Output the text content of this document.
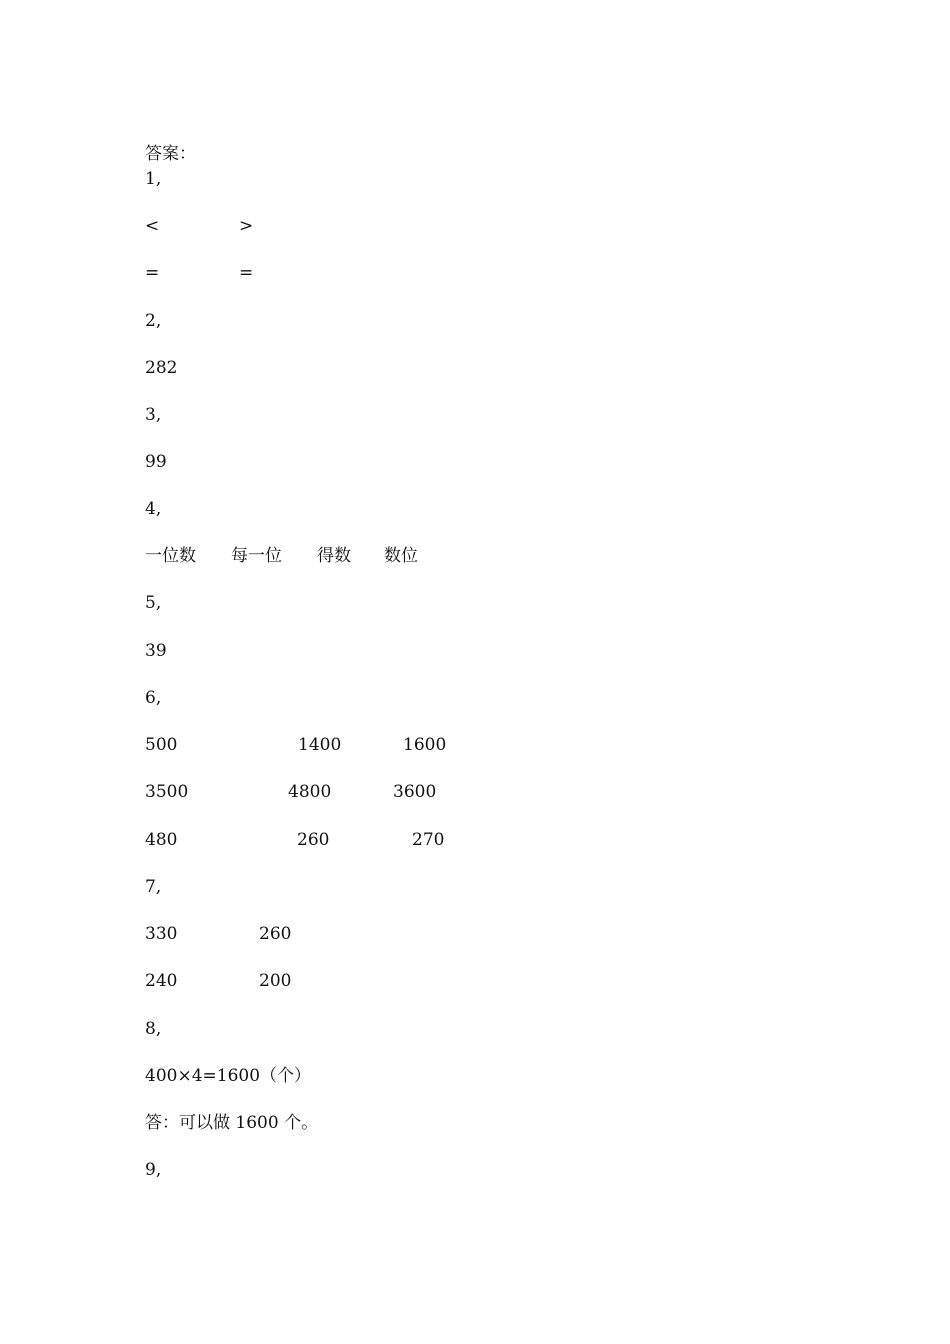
答案：
1,
<	>
=	=
2,
282
3,
99
4,
一位数 每一位 得数 数位
5,
39
6,
500	1400	1600
3500	4800	3600
480	260	270
7,
330	260
240	200
8,
400×4=1600（个）
答：可以做 1600 个。
9,
